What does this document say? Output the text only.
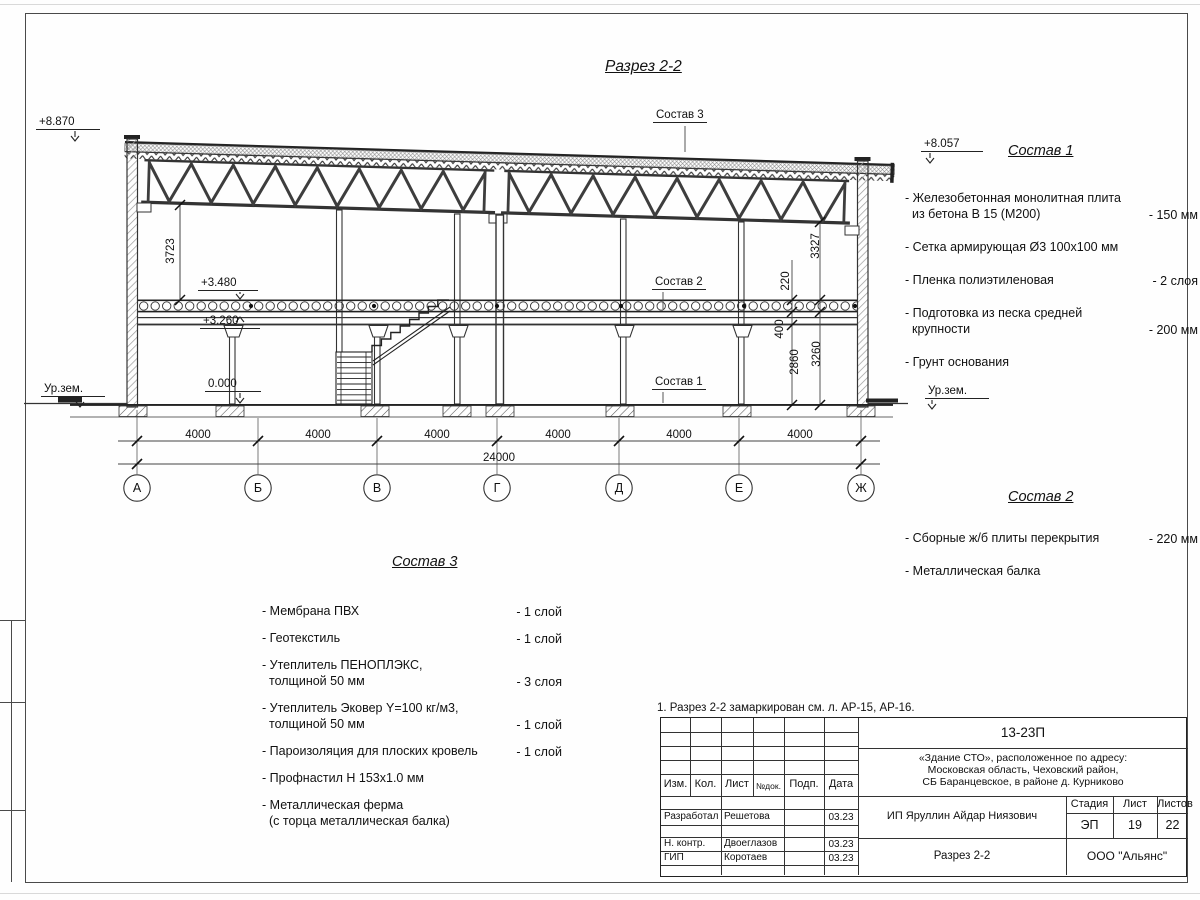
Разрез 2-2
+8.870
+8.057
Ур.зем.	Ур.зем.
+3.480
+3.260
0.000
3723	3327
220
400
2860 3260
Состав 3
Состав 2
Состав 1
4000	4000	4000	4000	4000	4000
24000
А	Б	В	Г	Д	Е	Ж
Состав 1
- Железобетонная монолитная плита
из бетона В 15 (М200)	- 150 мм
- Сетка армирующая Ø3 100х100 мм
- Пленка полиэтиленовая	- 2 слоя
- Подготовка из песка средней
крупности	- 200 мм
- Грунт основания
Состав 2
- Сборные ж/б плиты перекрытия	- 220 мм
- Металлическая балка
Состав 3
- Мембрана ПВХ	- 1 слой
- Геотекстиль	- 1 слой
- Утеплитель ПЕНОПЛЭКС,
толщиной 50 мм	- 3 слоя
- Утеплитель Эковер Y=100 кг/м3,
толщиной 50 мм	- 1 слой
- Пароизоляция для плоских кровель	- 1 слой
- Профнастил Н 153х1.0 мм
- Металлическая ферма
(с торца металлическая балка)
1. Разрез 2-2 замаркирован см. л. АР-15, АР-16.
Изм. Кол. Лист №док. Подп. Дата
Разработал Решетова	03.23
Н. контр. Двоеглазов	03.23
ГИП	Коротаев	03.23
13-23П
«Здание СТО», расположенное по адресу:
Московская область, Чеховский район,
СБ Баранцевское, в районе д. Курниково
ИП Яруллин Айдар Ниязович
Стадия	Лист Листов
ЭП	19	22
Разрез 2-2	ООО "Альянс"
